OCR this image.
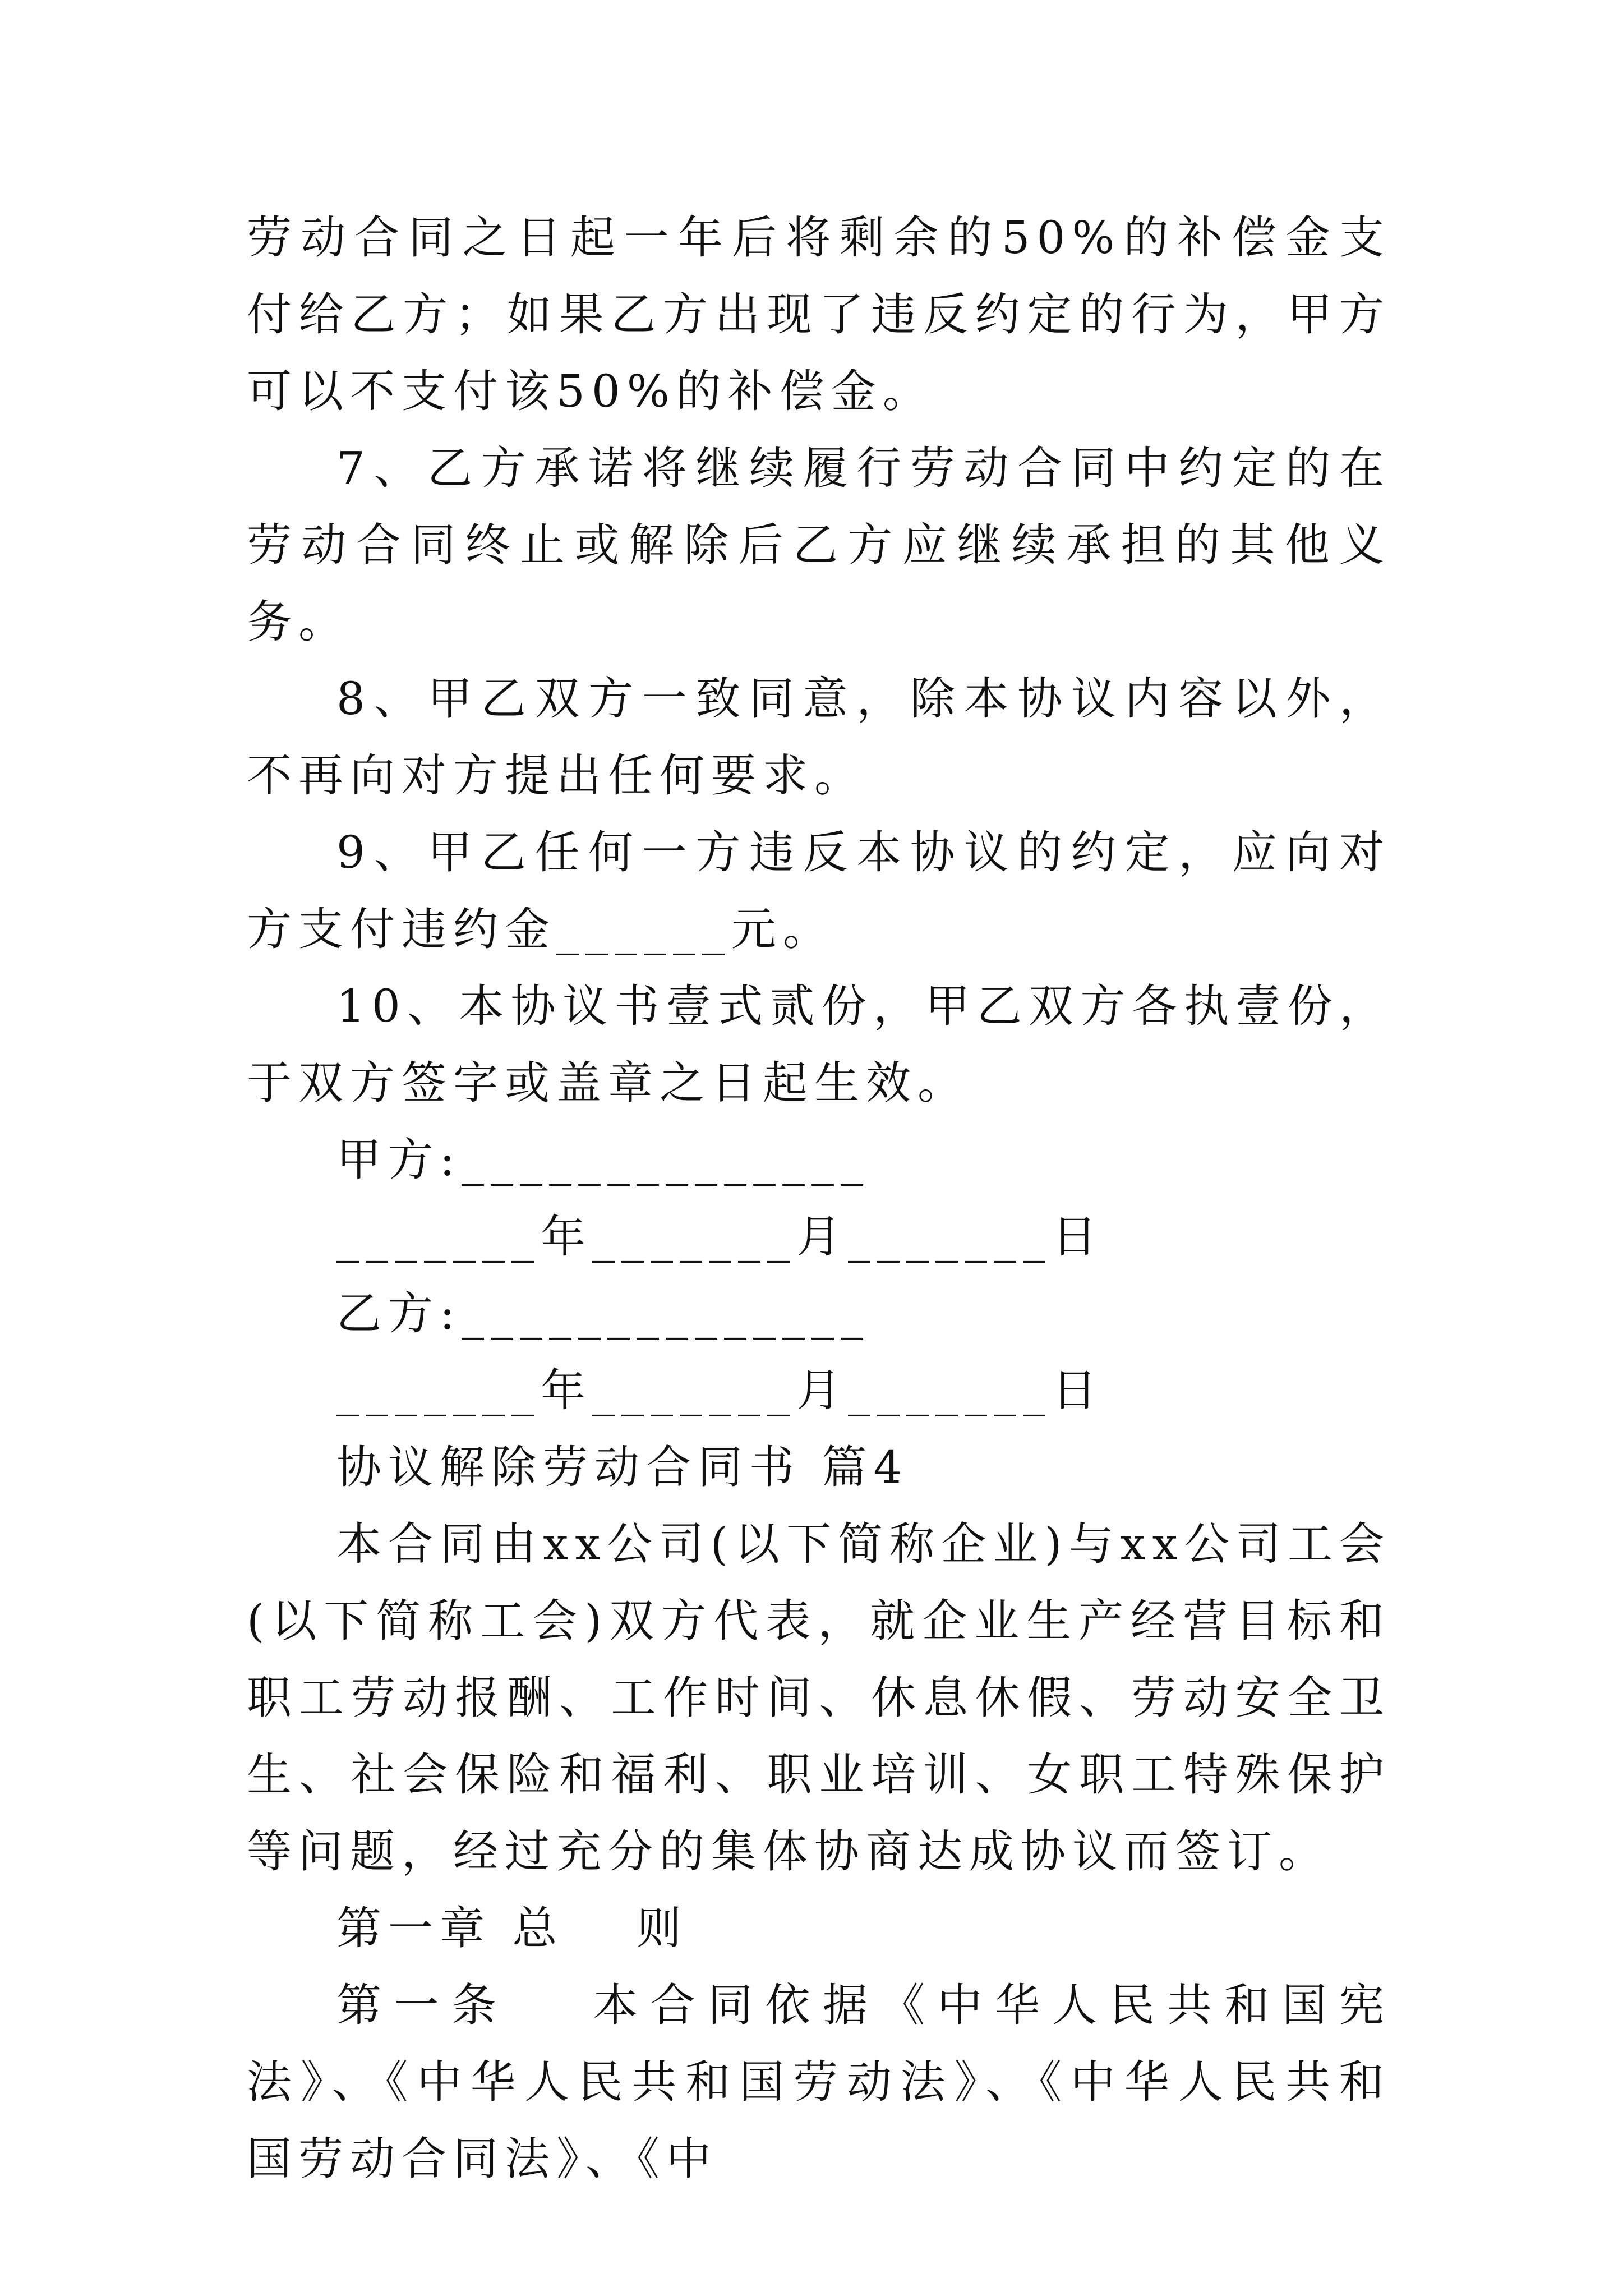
劳动合同之日起一年后将剩余的50%的补偿金支付给乙方；如果乙方出现了违反约定的行为，甲方可以不支付该50%的补偿金。

7、乙方承诺将继续履行劳动合同中约定的在劳动合同终止或解除后乙方应继续承担的其他义务。

8、甲乙双方一致同意，除本协议内容以外，不再向对方提出任何要求。

9、甲乙任何一方违反本协议的约定，应向对方支付违约金______元。

10、本协议书壹式贰份，甲乙双方各执壹份，于双方签字或盖章之日起生效。

甲方:______________

_______年_______月_______日

乙方:______________

_______年_______月_______日

协议解除劳动合同书 篇4

本合同由xx公司(以下简称企业)与xx公司工会(以下简称工会)双方代表，就企业生产经营目标和职工劳动报酬、工作时间、休息休假、劳动安全卫生、社会保险和福利、职业培训、女职工特殊保护等问题，经过充分的集体协商达成协议而签订。

第一章 总　 则

第一条　 本合同依据《中华人民共和国宪法》、《中华人民共和国劳动法》、《中华人民共和国劳动合同法》、《中
